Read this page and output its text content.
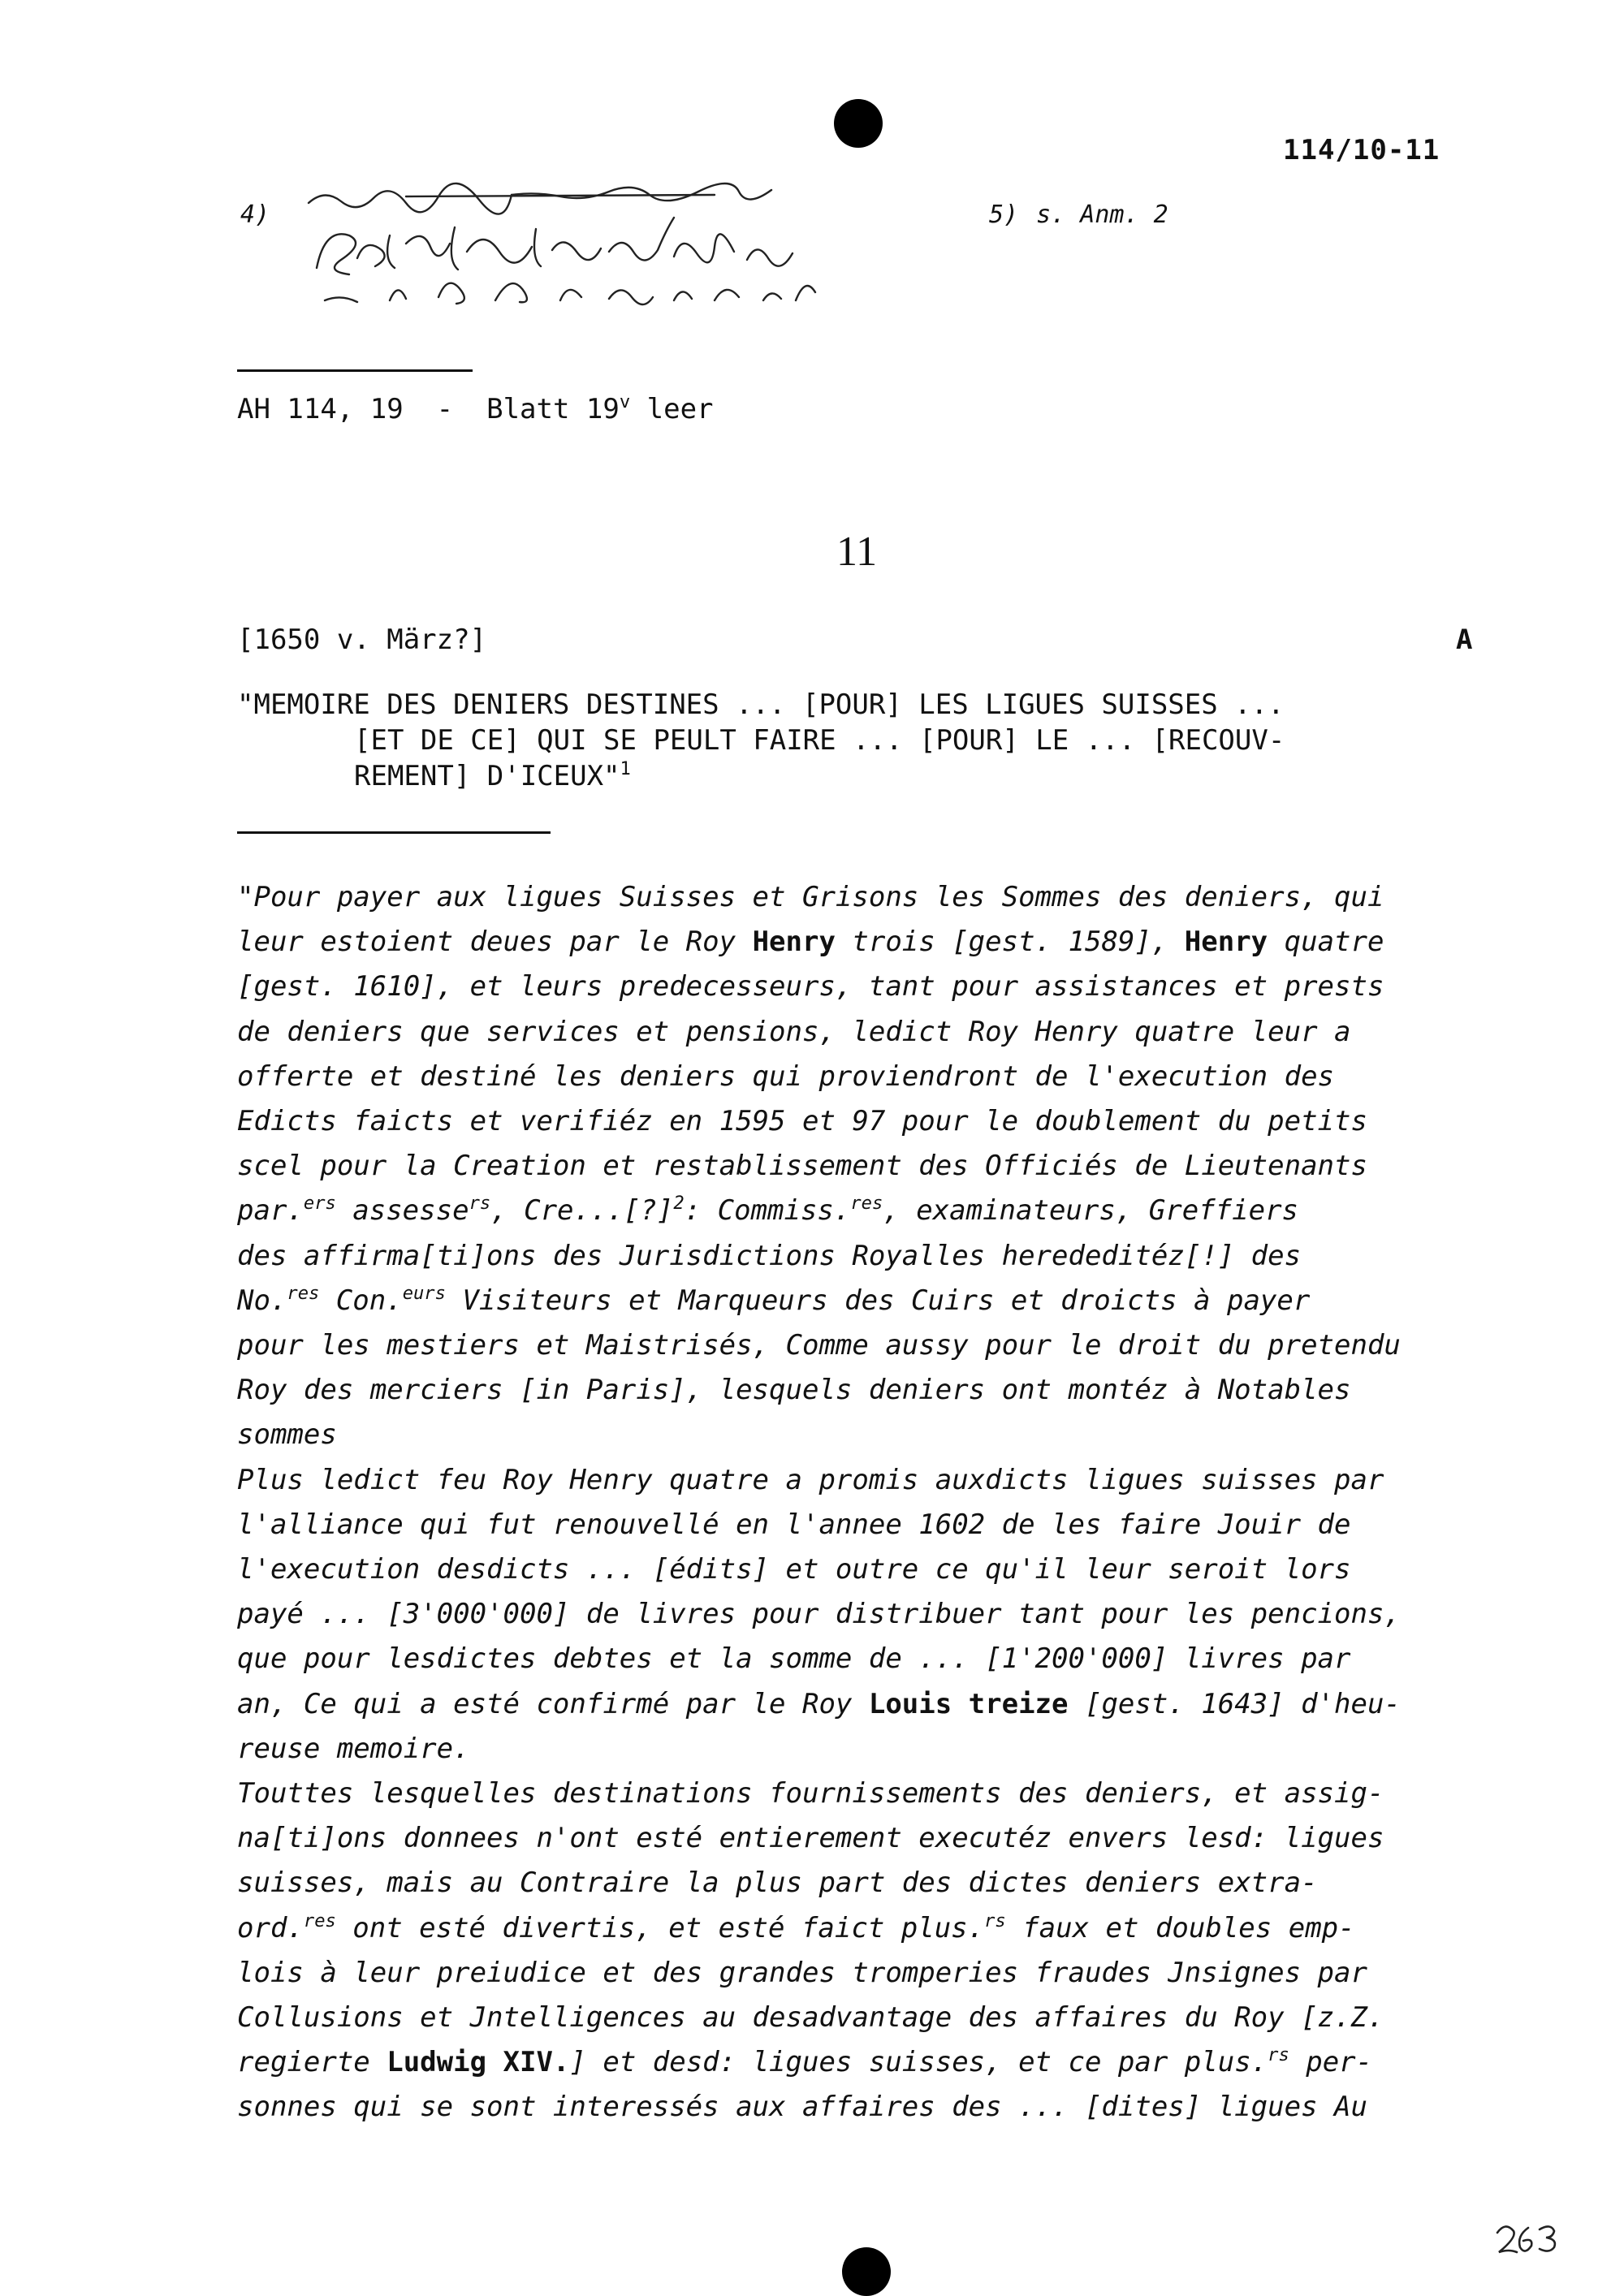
114/10-11
4)	5) s. Anm. 2
AH 114, 19 - Blatt 19$^v$ leer
11
[1650 v. März?]	A
"MEMOIRE DES DENIERS DESTINES ... [POUR] LES LIGUES SUISSES ...
[ET DE CE] QUI SE PEULT FAIRE ... [POUR] LE ... [RECOUV-
REMENT] D'ICEUX"$^1$
"Pour payer aux ligues Suisses et Grisons les Sommes des deniers, qui
leur estoient deues par le Roy Henry trois [gest. 1589], Henry quatre
[gest. 1610], et leurs predecesseurs, tant pour assistances et prests
de deniers que services et pensions, ledict Roy Henry quatre leur a
offerte et destiné les deniers qui proviendront de l'execution des
Edicts faicts et verifiéz en 1595 et 97 pour le doublement du petits
scel pour la Creation et restablissement des Officiés de Lieutenants
par.$^{ers}$ assesse$^{rs}$, Cre...[?]$^2$: Commiss.$^{res}$, examinateurs, Greffiers
des affirma[ti]ons des Jurisdictions Royalles herededitéz[!] des
No.$^{res}$ Con.$^{eurs}$ Visiteurs et Marqueurs des Cuirs et droicts à payer
pour les mestiers et Maistrisés, Comme aussy pour le droit du pretendu
Roy des merciers [in Paris], lesquels deniers ont montéz à Notables
sommes
Plus ledict feu Roy Henry quatre a promis auxdicts ligues suisses par
l'alliance qui fut renouvellé en l'annee 1602 de les faire Jouir de
l'execution desdicts ... [édits] et outre ce qu'il leur seroit lors
payé ... [3'000'000] de livres pour distribuer tant pour les pencions,
que pour lesdictes debtes et la somme de ... [1'200'000] livres par
an, Ce qui a esté confirmé par le Roy Louis treize [gest. 1643] d'heu-
reuse memoire.
Touttes lesquelles destinations fournissements des deniers, et assig-
na[ti]ons donnees n'ont esté entierement executéz envers lesd: ligues
suisses, mais au Contraire la plus part des dictes deniers extra-
ord.$^{res}$ ont esté divertis, et esté faict plus.$^{rs}$ faux et doubles emp-
lois à leur preiudice et des grandes tromperies fraudes Jnsignes par
Collusions et Jntelligences au desadvantage des affaires du Roy [z.Z.
regierte Ludwig XIV.] et desd: ligues suisses, et ce par plus.$^{rs}$ per-
sonnes qui se sont interessés aux affaires des ... [dites] ligues Au
